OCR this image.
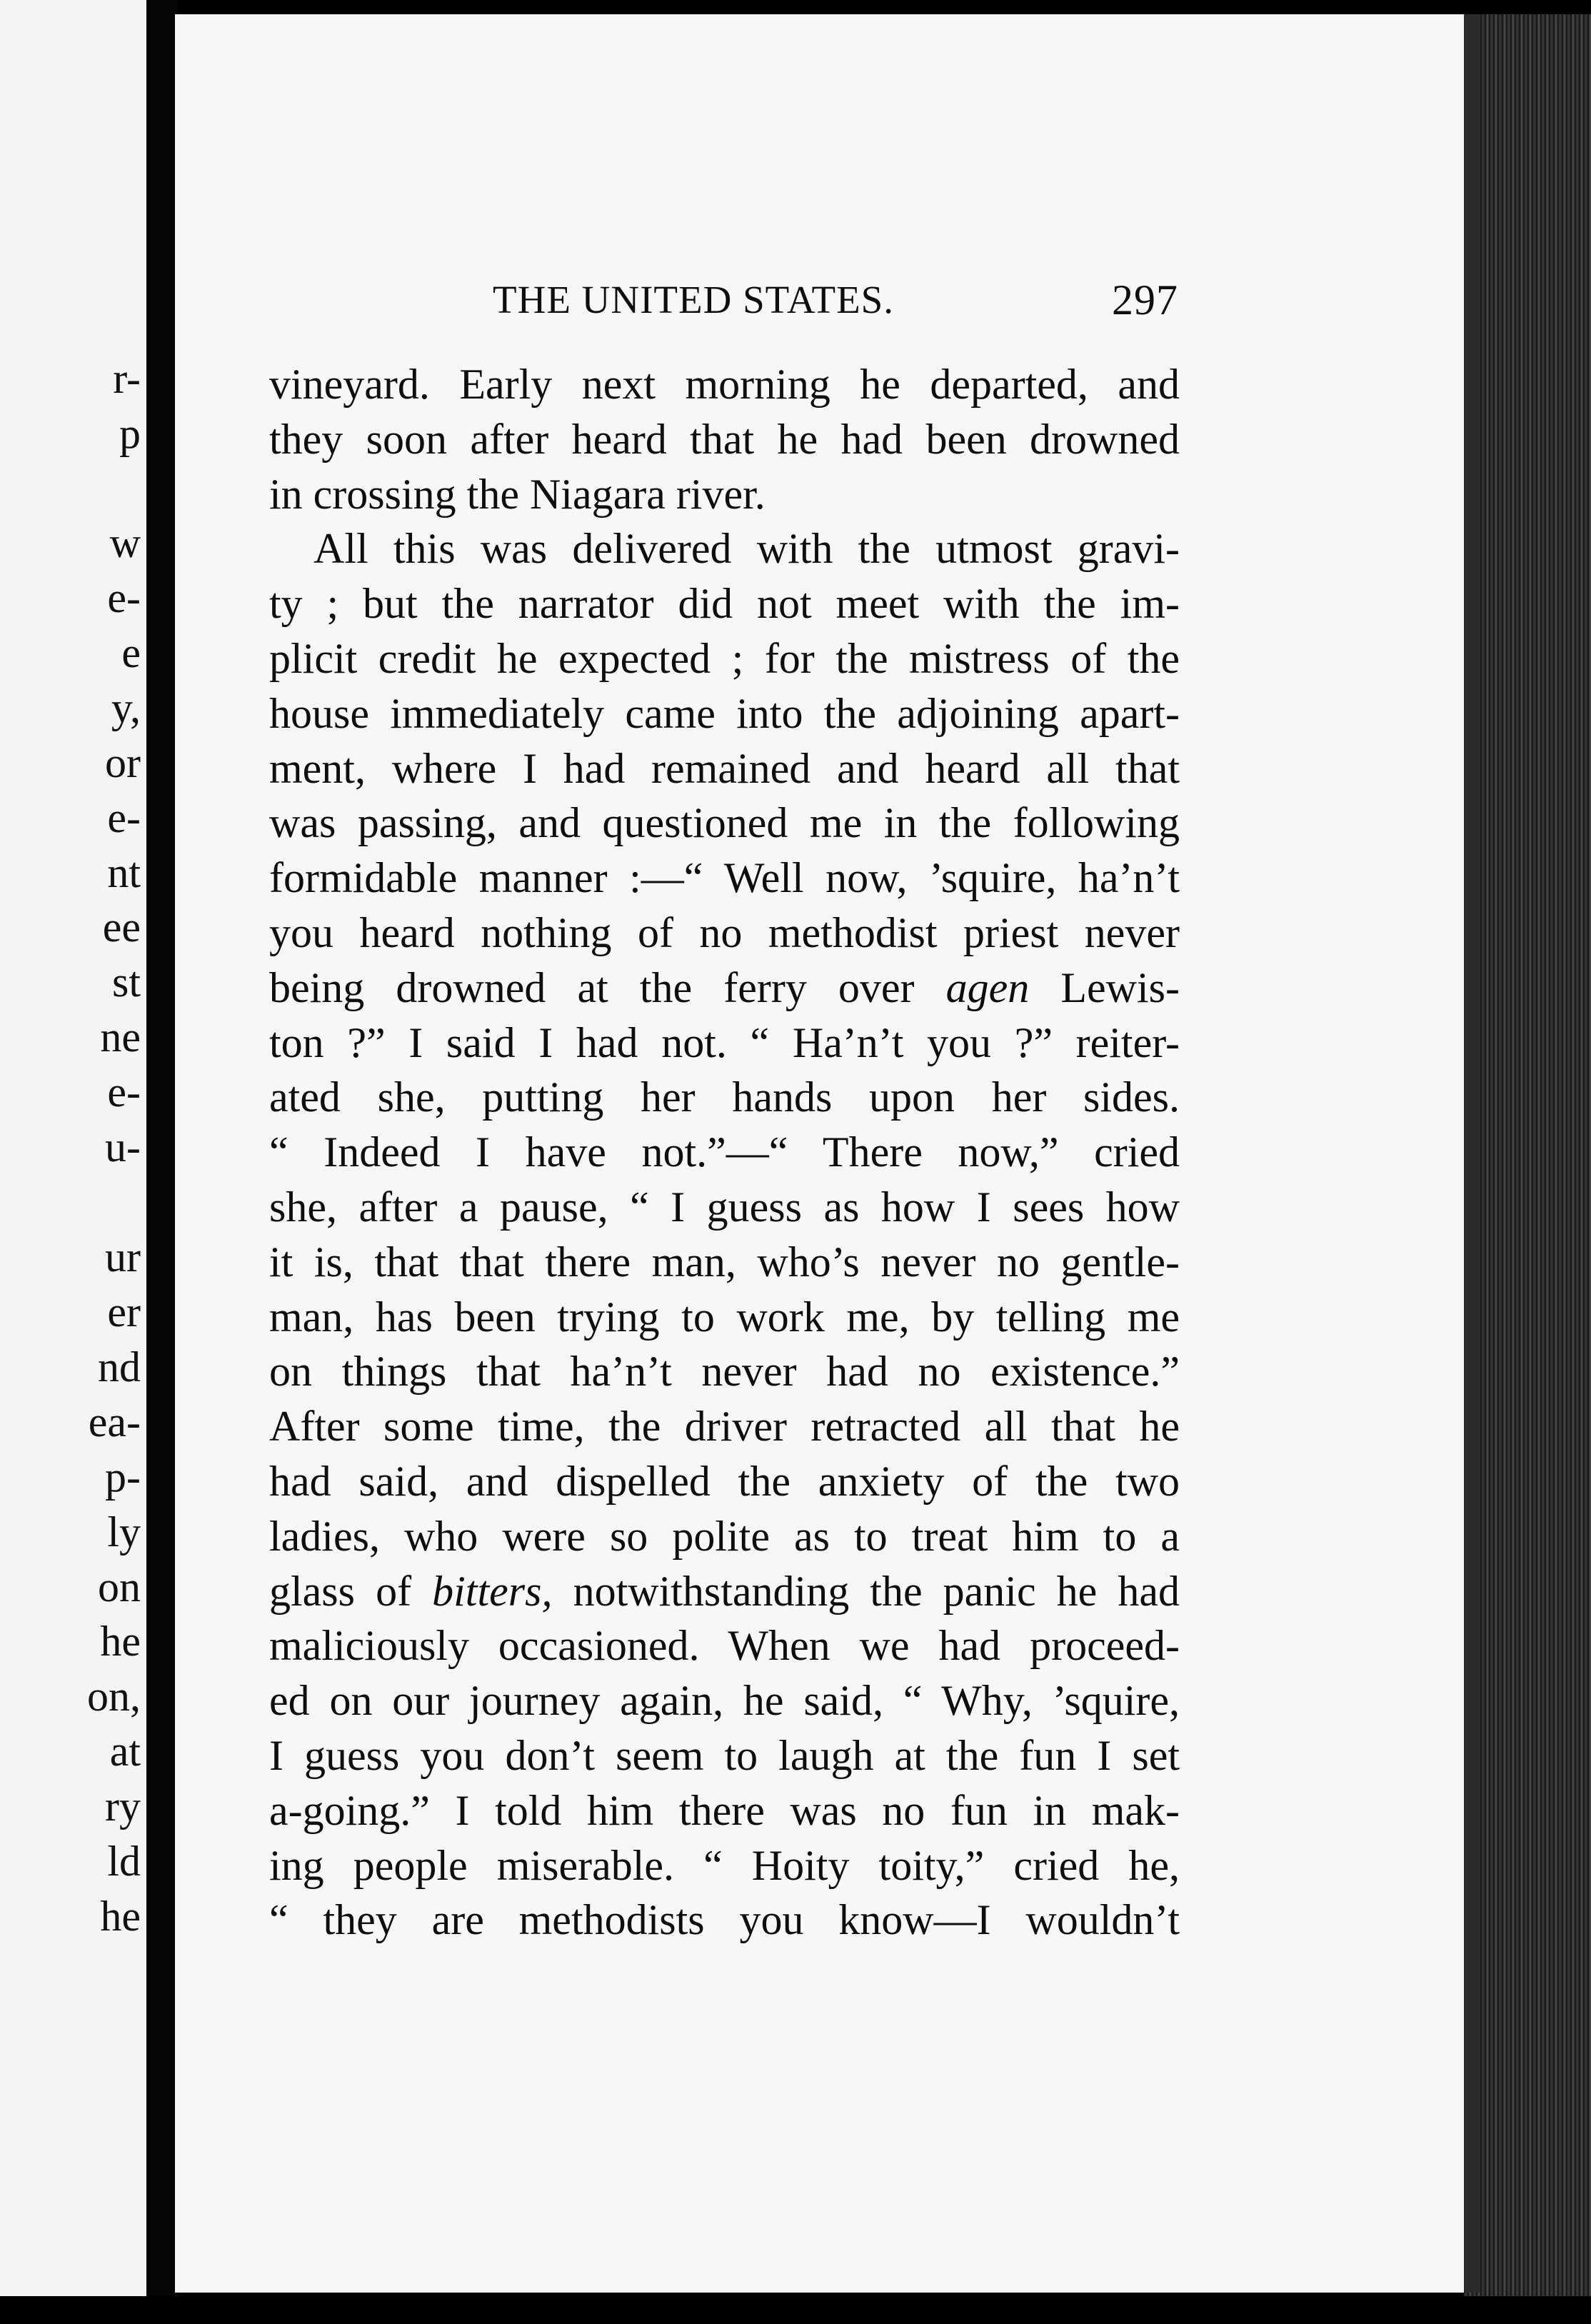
r-
p
w
e-
e
y,
or
e-
nt
ee
st
ne
e-
u-
ur
er
nd
ea-
p-
ly
on
he
on,
at
ry
ld
he
THE UNITED STATES.	297
vineyard. Early next morning he departed, and
they soon after heard that he had been drowned
in crossing the Niagara river.
All this was delivered with the utmost gravi-
ty ; but the narrator did not meet with the im-
plicit credit he expected ; for the mistress of the
house immediately came into the adjoining apart-
ment, where I had remained and heard all that
was passing, and questioned me in the following
formidable manner :—“ Well now, ’squire, ha’n’t
you heard nothing of no methodist priest never
being drowned at the ferry over agen Lewis-
ton ?” I said I had not. “ Ha’n’t you ?” reiter-
ated she, putting her hands upon her sides.
“ Indeed I have not.”—“ There now,” cried
she, after a pause, “ I guess as how I sees how
it is, that that there man, who’s never no gentle-
man, has been trying to work me, by telling me
on things that ha’n’t never had no existence.”
After some time, the driver retracted all that he
had said, and dispelled the anxiety of the two
ladies, who were so polite as to treat him to a
glass of bitters, notwithstanding the panic he had
maliciously occasioned. When we had proceed-
ed on our journey again, he said, “ Why, ’squire,
I guess you don’t seem to laugh at the fun I set
a-going.” I told him there was no fun in mak-
ing people miserable. “ Hoity toity,” cried he,
“ they are methodists you know—I wouldn’t
